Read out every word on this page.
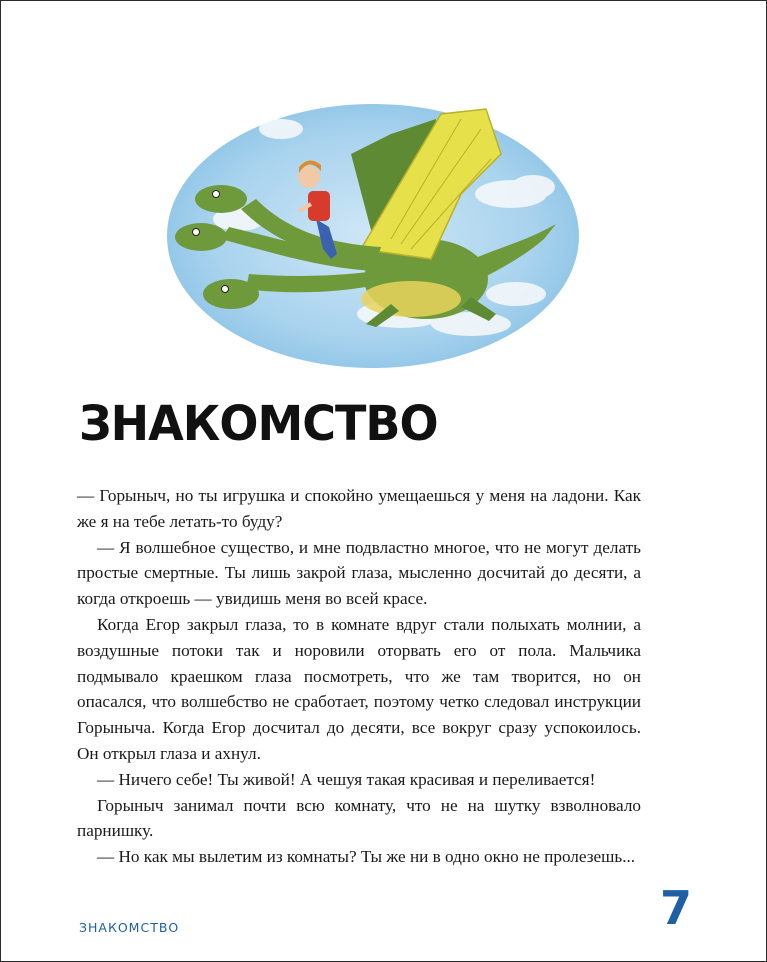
ЗНАКОМСТВО

— Горыныч, но ты игрушка и спокойно умещаешься у меня на ладони. Как же я на тебе летать-то буду?

— Я волшебное существо, и мне подвластно многое, что не могут делать простые смертные. Ты лишь закрой глаза, мысленно досчитай до десяти, а когда откроешь — увидишь меня во всей красе.

Когда Егор закрыл глаза, то в комнате вдруг стали полыхать молнии, а воздушные потоки так и норовили оторвать его от пола. Мальчика подмывало краешком глаза посмотреть, что же там творится, но он опасался, что волшебство не сработает, поэтому четко следовал инструкции Горыныча. Когда Егор досчитал до десяти, все вокруг сразу успокоилось. Он открыл глаза и ахнул.

— Ничего себе! Ты живой! А чешуя такая красивая и переливается!

Горыныч занимал почти всю комнату, что не на шутку взволновало парнишку.

— Но как мы вылетим из комнаты? Ты же ни в одно окно не пролезешь...

ЗНАКОМСТВО	7
